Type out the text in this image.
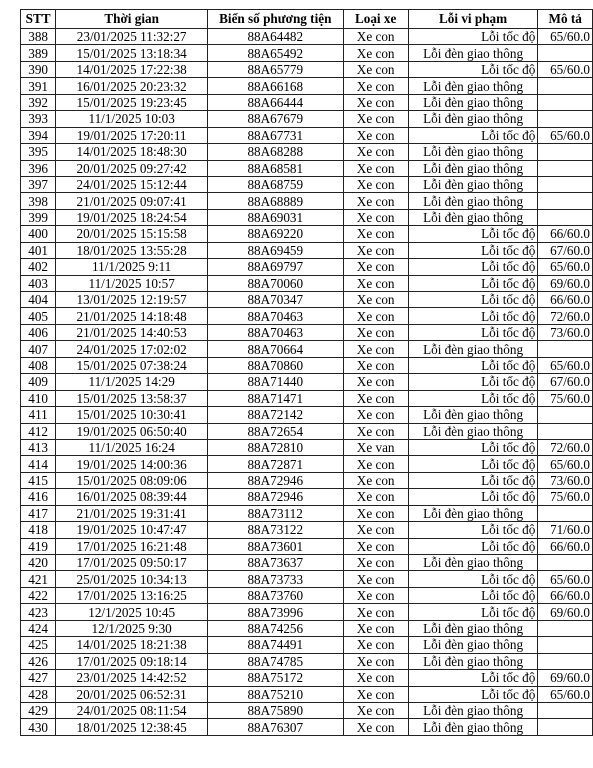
STT	Thời gian	Biển số phương tiện	Loại xe	Lỗi vi phạm	Mô tả
388	23/01/2025 11:32:27	88A64482	Xe con	Lỗi tốc độ	65/60.0
389	15/01/2025 13:18:34	88A65492	Xe con	Lỗi đèn giao thông	
390	14/01/2025 17:22:38	88A65779	Xe con	Lỗi tốc độ	65/60.0
391	16/01/2025 20:23:32	88A66168	Xe con	Lỗi đèn giao thông	
392	15/01/2025 19:23:45	88A66444	Xe con	Lỗi đèn giao thông	
393	11/1/2025 10:03	88A67679	Xe con	Lỗi đèn giao thông	
394	19/01/2025 17:20:11	88A67731	Xe con	Lỗi tốc độ	65/60.0
395	14/01/2025 18:48:30	88A68288	Xe con	Lỗi đèn giao thông	
396	20/01/2025 09:27:42	88A68581	Xe con	Lỗi đèn giao thông	
397	24/01/2025 15:12:44	88A68759	Xe con	Lỗi đèn giao thông	
398	21/01/2025 09:07:41	88A68889	Xe con	Lỗi đèn giao thông	
399	19/01/2025 18:24:54	88A69031	Xe con	Lỗi đèn giao thông	
400	20/01/2025 15:15:58	88A69220	Xe con	Lỗi tốc độ	66/60.0
401	18/01/2025 13:55:28	88A69459	Xe con	Lỗi tốc độ	67/60.0
402	11/1/2025 9:11	88A69797	Xe con	Lỗi tốc độ	65/60.0
403	11/1/2025 10:57	88A70060	Xe con	Lỗi tốc độ	69/60.0
404	13/01/2025 12:19:57	88A70347	Xe con	Lỗi tốc độ	66/60.0
405	21/01/2025 14:18:48	88A70463	Xe con	Lỗi tốc độ	72/60.0
406	21/01/2025 14:40:53	88A70463	Xe con	Lỗi tốc độ	73/60.0
407	24/01/2025 17:02:02	88A70664	Xe con	Lỗi đèn giao thông	
408	15/01/2025 07:38:24	88A70860	Xe con	Lỗi tốc độ	65/60.0
409	11/1/2025 14:29	88A71440	Xe con	Lỗi tốc độ	67/60.0
410	15/01/2025 13:58:37	88A71471	Xe con	Lỗi tốc độ	75/60.0
411	15/01/2025 10:30:41	88A72142	Xe con	Lỗi đèn giao thông	
412	19/01/2025 06:50:40	88A72654	Xe con	Lỗi đèn giao thông	
413	11/1/2025 16:24	88A72810	Xe van	Lỗi tốc độ	72/60.0
414	19/01/2025 14:00:36	88A72871	Xe con	Lỗi tốc độ	65/60.0
415	15/01/2025 08:09:06	88A72946	Xe con	Lỗi tốc độ	73/60.0
416	16/01/2025 08:39:44	88A72946	Xe con	Lỗi tốc độ	75/60.0
417	21/01/2025 19:31:41	88A73112	Xe con	Lỗi đèn giao thông	
418	19/01/2025 10:47:47	88A73122	Xe con	Lỗi tốc độ	71/60.0
419	17/01/2025 16:21:48	88A73601	Xe con	Lỗi tốc độ	66/60.0
420	17/01/2025 09:50:17	88A73637	Xe con	Lỗi đèn giao thông	
421	25/01/2025 10:34:13	88A73733	Xe con	Lỗi tốc độ	65/60.0
422	17/01/2025 13:16:25	88A73760	Xe con	Lỗi tốc độ	66/60.0
423	12/1/2025 10:45	88A73996	Xe con	Lỗi tốc độ	69/60.0
424	12/1/2025 9:30	88A74256	Xe con	Lỗi đèn giao thông	
425	14/01/2025 18:21:38	88A74491	Xe con	Lỗi đèn giao thông	
426	17/01/2025 09:18:14	88A74785	Xe con	Lỗi đèn giao thông	
427	23/01/2025 14:42:52	88A75172	Xe con	Lỗi tốc độ	69/60.0
428	20/01/2025 06:52:31	88A75210	Xe con	Lỗi tốc độ	65/60.0
429	24/01/2025 08:11:54	88A75890	Xe con	Lỗi đèn giao thông	
430	18/01/2025 12:38:45	88A76307	Xe con	Lỗi đèn giao thông	
